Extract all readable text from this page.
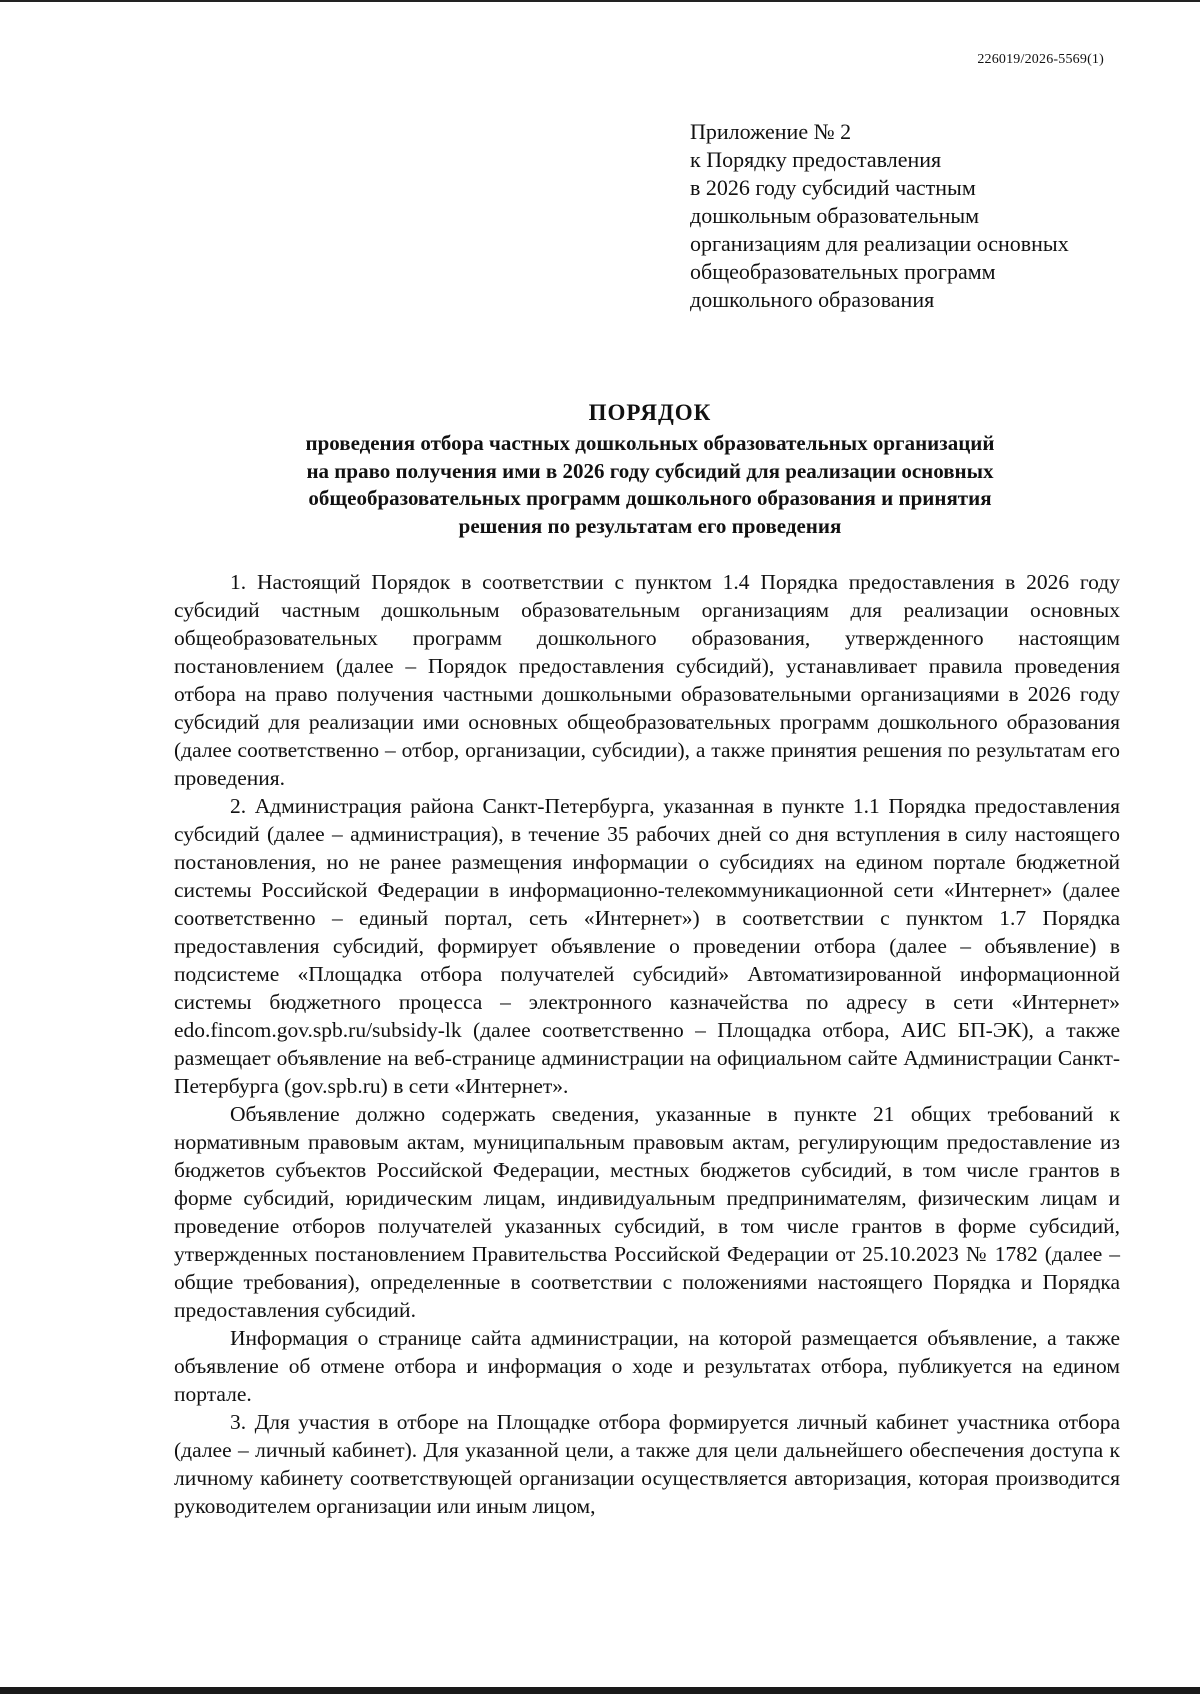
226019/2026-5569(1)
Приложение № 2
к Порядку предоставления
в 2026 году субсидий частным
дошкольным образовательным
организациям для реализации основных
общеобразовательных программ
дошкольного образования
ПОРЯДОК
проведения отбора частных дошкольных образовательных организаций
на право получения ими в 2026 году субсидий для реализации основных
общеобразовательных программ дошкольного образования и принятия
решения по результатам его проведения

1. Настоящий Порядок в соответствии с пунктом 1.4 Порядка предоставления в 2026 году субсидий частным дошкольным образовательным организациям для реализации основных общеобразовательных программ дошкольного образования, утвержденного настоящим постановлением (далее – Порядок предоставления субсидий), устанавливает правила проведения отбора на право получения частными дошкольными образовательными организациями в 2026 году субсидий для реализации ими основных общеобразовательных программ дошкольного образования (далее соответственно – отбор, организации, субсидии), а также принятия решения по результатам его проведения.

2. Администрация района Санкт-Петербурга, указанная в пункте 1.1 Порядка предоставления субсидий (далее – администрация), в течение 35 рабочих дней со дня вступления в силу настоящего постановления, но не ранее размещения информации о субсидиях на едином портале бюджетной системы Российской Федерации в информационно-телекоммуникационной сети «Интернет» (далее соответственно – единый портал, сеть «Интернет») в соответствии с пунктом 1.7 Порядка предоставления субсидий, формирует объявление о проведении отбора (далее – объявление) в подсистеме «Площадка отбора получателей субсидий» Автоматизированной информационной системы бюджетного процесса – электронного казначейства по адресу в сети «Интернет» edo.fincom.gov.spb.ru/subsidy-lk (далее соответственно – Площадка отбора, АИС БП-ЭК), а также размещает объявление на веб-странице администрации на официальном сайте Администрации Санкт-Петербурга (gov.spb.ru) в сети «Интернет».

Объявление должно содержать сведения, указанные в пункте 21 общих требований к нормативным правовым актам, муниципальным правовым актам, регулирующим предоставление из бюджетов субъектов Российской Федерации, местных бюджетов субсидий, в том числе грантов в форме субсидий, юридическим лицам, индивидуальным предпринимателям, физическим лицам и проведение отборов получателей указанных субсидий, в том числе грантов в форме субсидий, утвержденных постановлением Правительства Российской Федерации от 25.10.2023 № 1782 (далее – общие требования), определенные в соответствии с положениями настоящего Порядка и Порядка предоставления субсидий.

Информация о странице сайта администрации, на которой размещается объявление, а также объявление об отмене отбора и информация о ходе и результатах отбора, публикуется на едином портале.

3. Для участия в отборе на Площадке отбора формируется личный кабинет участника отбора (далее – личный кабинет). Для указанной цели, а также для цели дальнейшего обеспечения доступа к личному кабинету соответствующей организации осуществляется авторизация, которая производится руководителем организации или иным лицом,
